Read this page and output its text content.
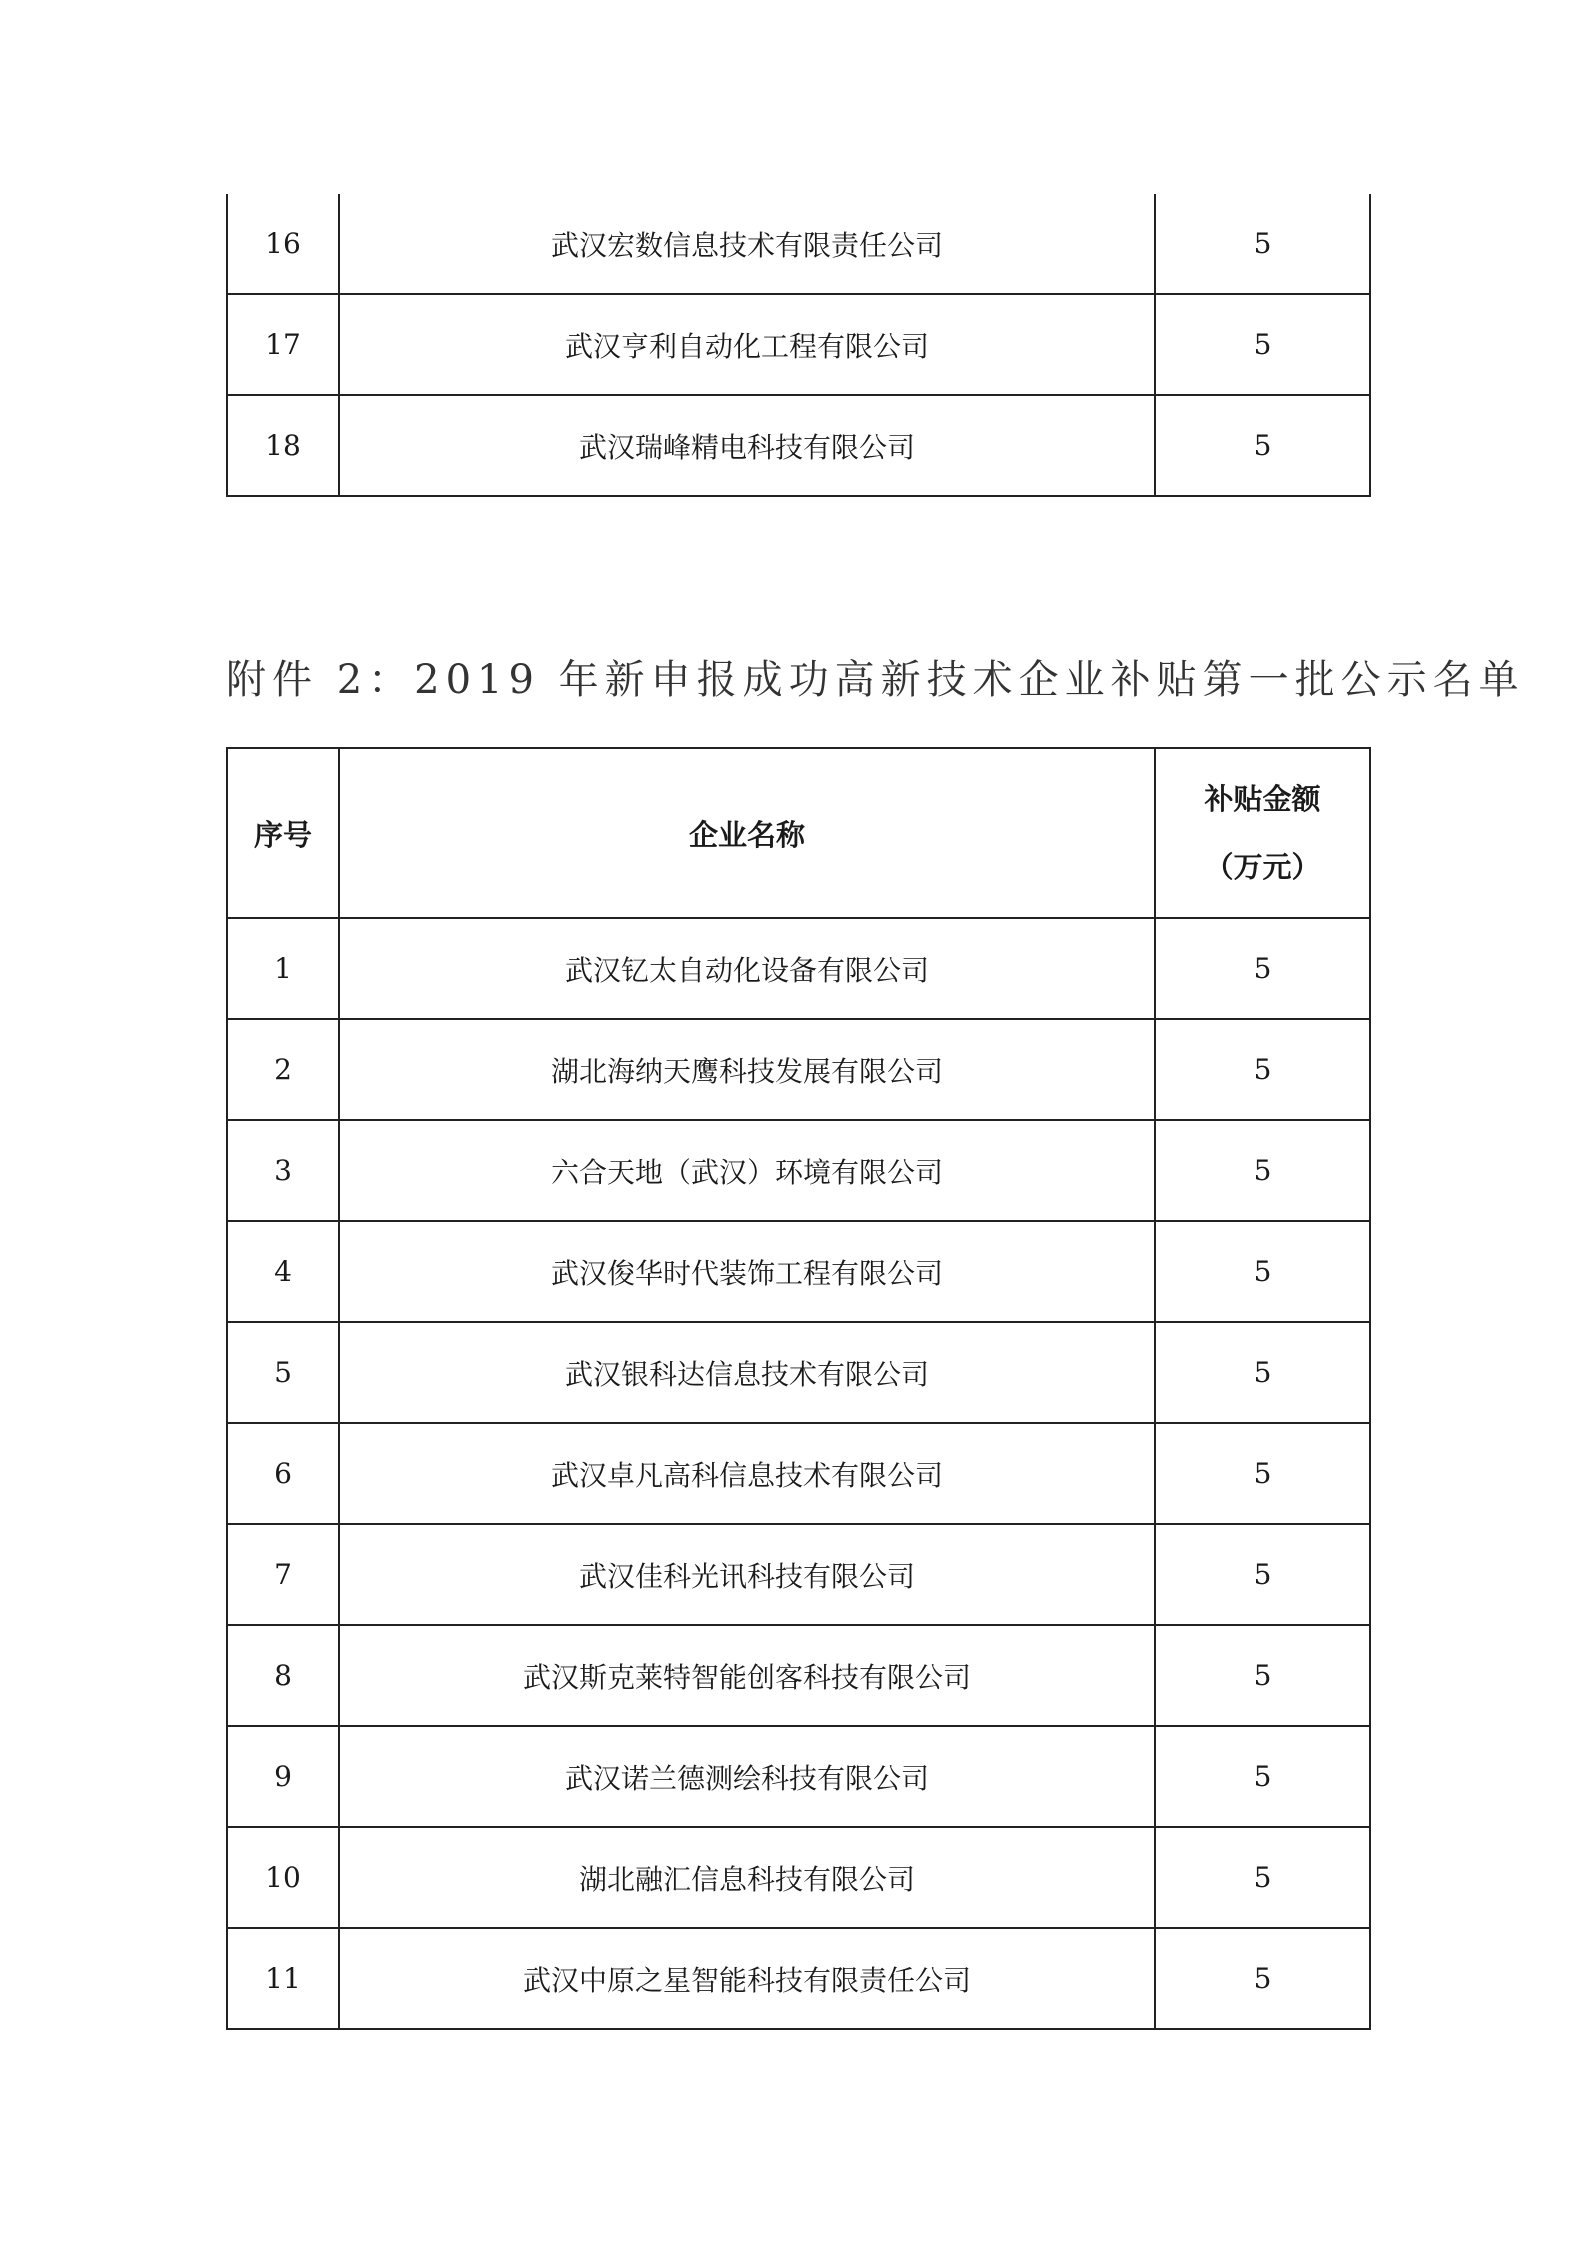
16	武汉宏数信息技术有限责任公司	5
17	武汉亨利自动化工程有限公司	5
18	武汉瑞峰精电科技有限公司	5
附件 2：2019 年新申报成功高新技术企业补贴第一批公示名单
序号	企业名称	补贴金额
（万元）

1	武汉钇太自动化设备有限公司	5
2	湖北海纳天鹰科技发展有限公司	5
3	六合天地（武汉）环境有限公司	5
4	武汉俊华时代装饰工程有限公司	5
5	武汉银科达信息技术有限公司	5
6	武汉卓凡高科信息技术有限公司	5
7	武汉佳科光讯科技有限公司	5
8	武汉斯克莱特智能创客科技有限公司	5
9	武汉诺兰德测绘科技有限公司	5
10	湖北融汇信息科技有限公司	5
11	武汉中原之星智能科技有限责任公司	5
